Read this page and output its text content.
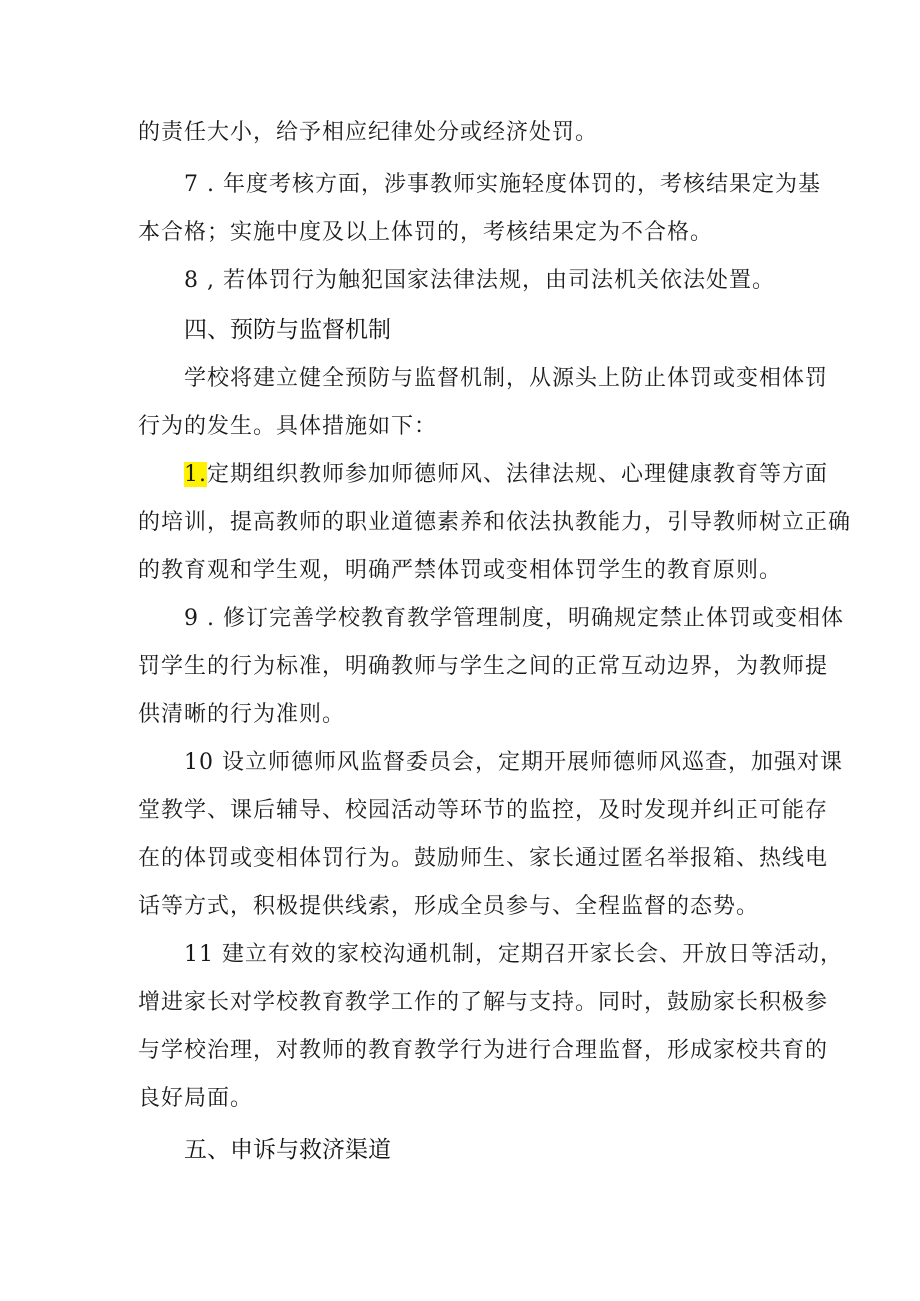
的责任大小，给予相应纪律处分或经济处罚。
7 . 年度考核方面，涉事教师实施轻度体罚的，考核结果定为基
本合格；实施中度及以上体罚的，考核结果定为不合格。
8 , 若体罚行为触犯国家法律法规，由司法机关依法处置。
四、预防与监督机制
学校将建立健全预防与监督机制，从源头上防止体罚或变相体罚
行为的发生。具体措施如下：
1.定期组织教师参加师德师风、法律法规、心理健康教育等方面
的培训，提高教师的职业道德素养和依法执教能力，引导教师树立正确
的教育观和学生观，明确严禁体罚或变相体罚学生的教育原则。
9 . 修订完善学校教育教学管理制度，明确规定禁止体罚或变相体
罚学生的行为标准，明确教师与学生之间的正常互动边界，为教师提
供清晰的行为准则。
10 设立师德师风监督委员会，定期开展师德师风巡查，加强对课
堂教学、课后辅导、校园活动等环节的监控，及时发现并纠正可能存
在的体罚或变相体罚行为。鼓励师生、家长通过匿名举报箱、热线电
话等方式，积极提供线索，形成全员参与、全程监督的态势。
11 建立有效的家校沟通机制，定期召开家长会、开放日等活动，
增进家长对学校教育教学工作的了解与支持。同时，鼓励家长积极参
与学校治理，对教师的教育教学行为进行合理监督，形成家校共育的
良好局面。
五、申诉与救济渠道
